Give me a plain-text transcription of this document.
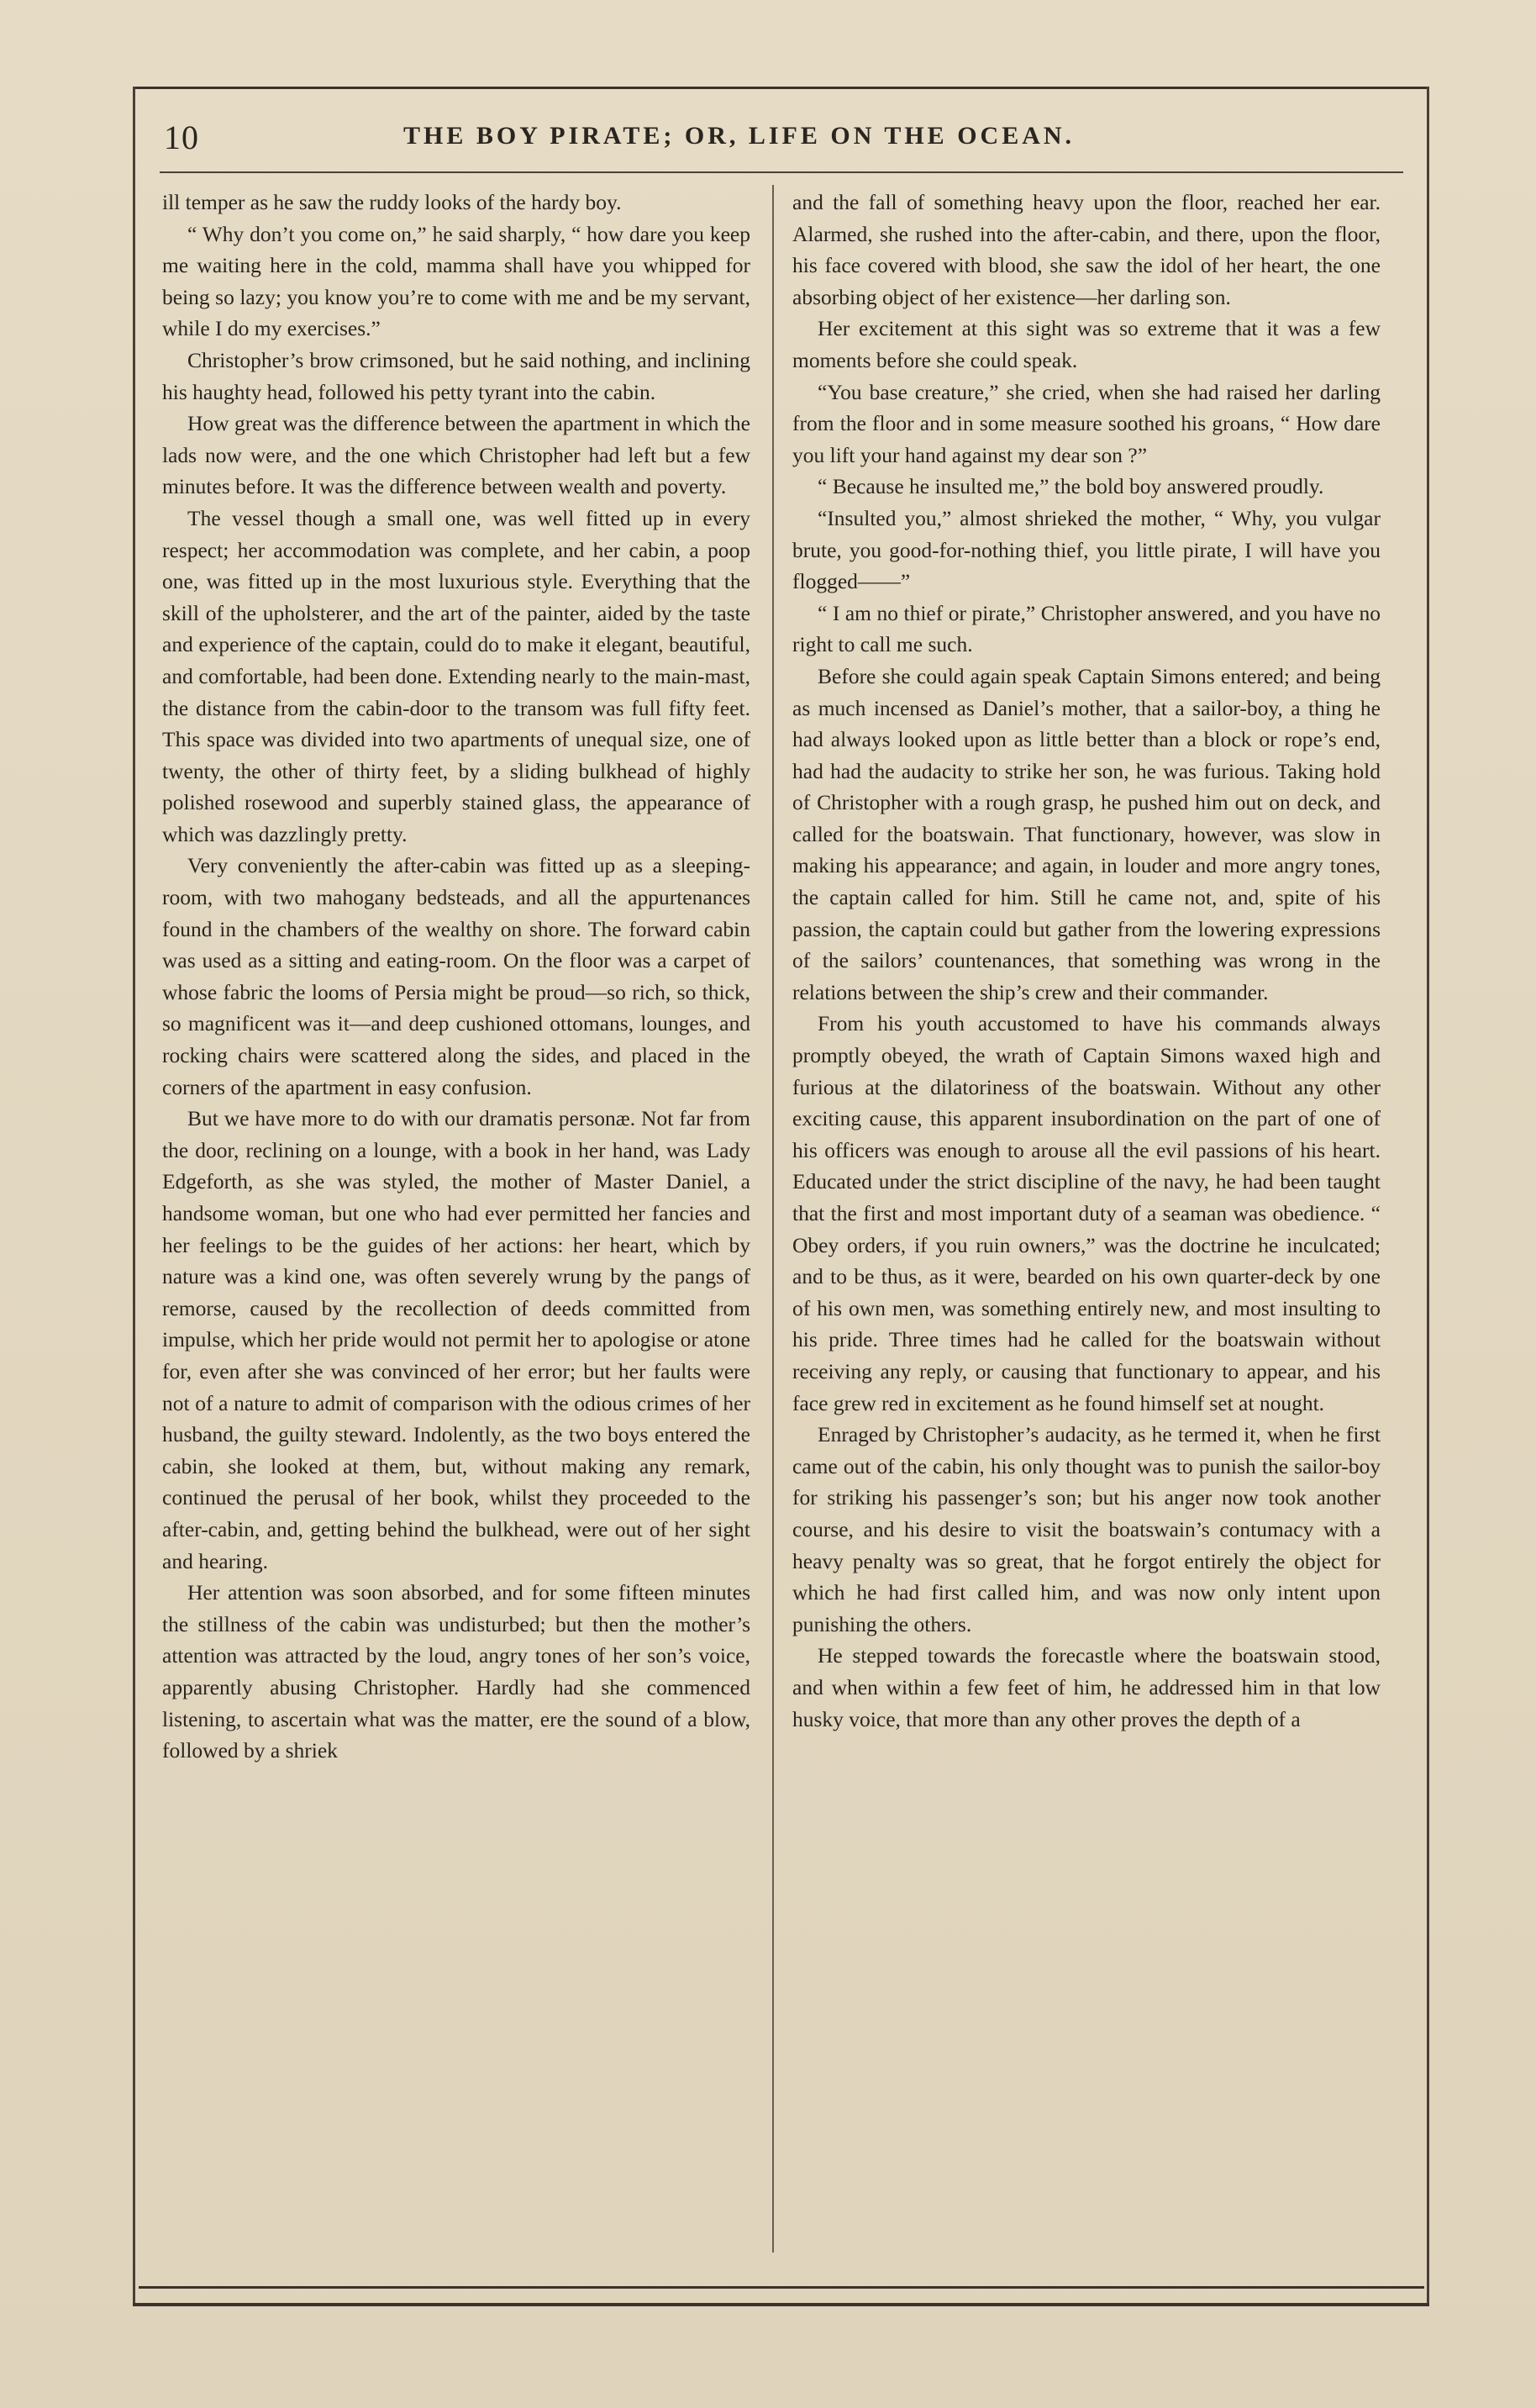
10	THE BOY PIRATE; OR, LIFE ON THE OCEAN.

ill temper as he saw the ruddy looks of the hardy boy.

“ Why don’t you come on,” he said sharply, “ how dare you keep me waiting here in the cold, mamma shall have you whipped for being so lazy; you know you’re to come with me and be my servant, while I do my exercises.”

Christopher’s brow crimsoned, but he said nothing, and inclining his haughty head, followed his petty tyrant into the cabin.

How great was the difference between the apartment in which the lads now were, and the one which Christopher had left but a few minutes before. It was the difference between wealth and poverty.

The vessel though a small one, was well fitted up in every respect; her accommodation was complete, and her cabin, a poop one, was fitted up in the most luxurious style. Everything that the skill of the upholsterer, and the art of the painter, aided by the taste and experience of the captain, could do to make it elegant, beautiful, and comfortable, had been done. Extending nearly to the main-mast, the distance from the cabin-door to the transom was full fifty feet. This space was divided into two apartments of unequal size, one of twenty, the other of thirty feet, by a sliding bulkhead of highly polished rosewood and superbly stained glass, the appearance of which was dazzlingly pretty.

Very conveniently the after-cabin was fitted up as a sleeping-room, with two mahogany bedsteads, and all the appurtenances found in the chambers of the wealthy on shore. The forward cabin was used as a sitting and eating-room. On the floor was a carpet of whose fabric the looms of Persia might be proud—so rich, so thick, so magnificent was it—and deep cushioned ottomans, lounges, and rocking chairs were scattered along the sides, and placed in the corners of the apartment in easy confusion.

But we have more to do with our dramatis personæ. Not far from the door, reclining on a lounge, with a book in her hand, was Lady Edgeforth, as she was styled, the mother of Master Daniel, a handsome woman, but one who had ever permitted her fancies and her feelings to be the guides of her actions: her heart, which by nature was a kind one, was often severely wrung by the pangs of remorse, caused by the recollection of deeds committed from impulse, which her pride would not permit her to apologise or atone for, even after she was convinced of her error; but her faults were not of a nature to admit of comparison with the odious crimes of her husband, the guilty steward. Indolently, as the two boys entered the cabin, she looked at them, but, without making any remark, continued the perusal of her book, whilst they proceeded to the after-cabin, and, getting behind the bulkhead, were out of her sight and hearing.

Her attention was soon absorbed, and for some fifteen minutes the stillness of the cabin was undisturbed; but then the mother’s attention was attracted by the loud, angry tones of her son’s voice, apparently abusing Christopher. Hardly had she commenced listening, to ascertain what was the matter, ere the sound of a blow, followed by a shriek

and the fall of something heavy upon the floor, reached her ear. Alarmed, she rushed into the after-cabin, and there, upon the floor, his face covered with blood, she saw the idol of her heart, the one absorbing object of her existence—her darling son.

Her excitement at this sight was so extreme that it was a few moments before she could speak.

“You base creature,” she cried, when she had raised her darling from the floor and in some measure soothed his groans, “ How dare you lift your hand against my dear son ?”

“ Because he insulted me,” the bold boy answered proudly.

“Insulted you,” almost shrieked the mother, “ Why, you vulgar brute, you good-for-nothing thief, you little pirate, I will have you flogged——”

“ I am no thief or pirate,” Christopher answered, and you have no right to call me such.

Before she could again speak Captain Simons entered; and being as much incensed as Daniel’s mother, that a sailor-boy, a thing he had always looked upon as little better than a block or rope’s end, had had the audacity to strike her son, he was furious. Taking hold of Christopher with a rough grasp, he pushed him out on deck, and called for the boatswain. That functionary, however, was slow in making his appearance; and again, in louder and more angry tones, the captain called for him. Still he came not, and, spite of his passion, the captain could but gather from the lowering expressions of the sailors’ countenances, that something was wrong in the relations between the ship’s crew and their commander.

From his youth accustomed to have his commands always promptly obeyed, the wrath of Captain Simons waxed high and furious at the dilatoriness of the boatswain. Without any other exciting cause, this apparent insubordination on the part of one of his officers was enough to arouse all the evil passions of his heart. Educated under the strict discipline of the navy, he had been taught that the first and most important duty of a seaman was obedience. “ Obey orders, if you ruin owners,” was the doctrine he inculcated; and to be thus, as it were, bearded on his own quarter-deck by one of his own men, was something entirely new, and most insulting to his pride. Three times had he called for the boatswain without receiving any reply, or causing that functionary to appear, and his face grew red in excitement as he found himself set at nought.

Enraged by Christopher’s audacity, as he termed it, when he first came out of the cabin, his only thought was to punish the sailor-boy for striking his passenger’s son; but his anger now took another course, and his desire to visit the boatswain’s contumacy with a heavy penalty was so great, that he forgot entirely the object for which he had first called him, and was now only intent upon punishing the others.

He stepped towards the forecastle where the boatswain stood, and when within a few feet of him, he addressed him in that low husky voice, that more than any other proves the depth of a
